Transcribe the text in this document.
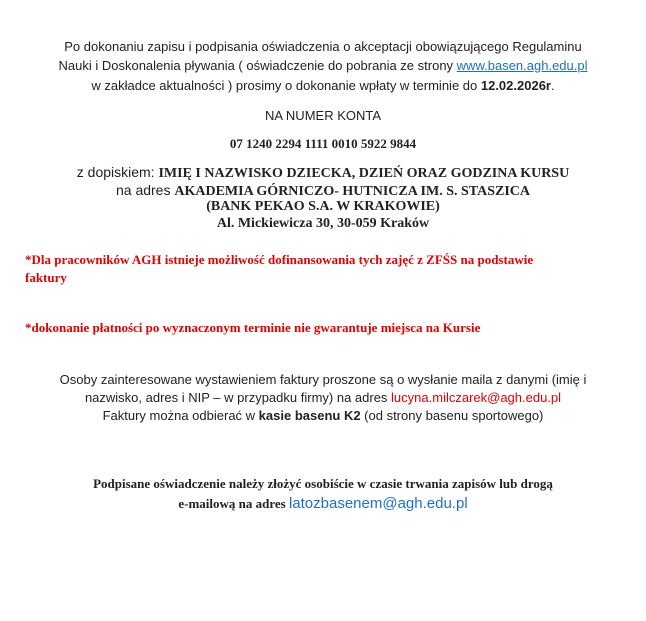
Po dokonaniu zapisu i podpisania oświadczenia o akceptacji obowiązującego Regulaminu
Nauki i Doskonalenia pływania ( oświadczenie do pobrania ze strony www.basen.agh.edu.pl
w zakładce aktualności ) prosimy o dokonanie wpłaty w terminie do 12.02.2026r.
NA NUMER KONTA
07 1240 2294 1111 0010 5922 9844
z dopiskiem: IMIĘ I NAZWISKO DZIECKA, DZIEŃ ORAZ GODZINA KURSU
na adres AKADEMIA GÓRNICZO- HUTNICZA IM. S. STASZICA
(BANK PEKAO S.A. W KRAKOWIE)
Al. Mickiewicza 30, 30-059 Kraków
*Dla pracowników AGH istnieje możliwość dofinansowania tych zajęć z ZFŚS na podstawie
faktury
*dokonanie płatności po wyznaczonym terminie nie gwarantuje miejsca na Kursie
Osoby zainteresowane wystawieniem faktury proszone są o wysłanie maila z danymi (imię i
nazwisko, adres i NIP – w przypadku firmy) na adres lucyna.milczarek@agh.edu.pl
Faktury można odbierać w kasie basenu K2 (od strony basenu sportowego)
Podpisane oświadczenie należy złożyć osobiście w czasie trwania zapisów lub drogą
e-mailową na adres latozbasenem@agh.edu.pl
